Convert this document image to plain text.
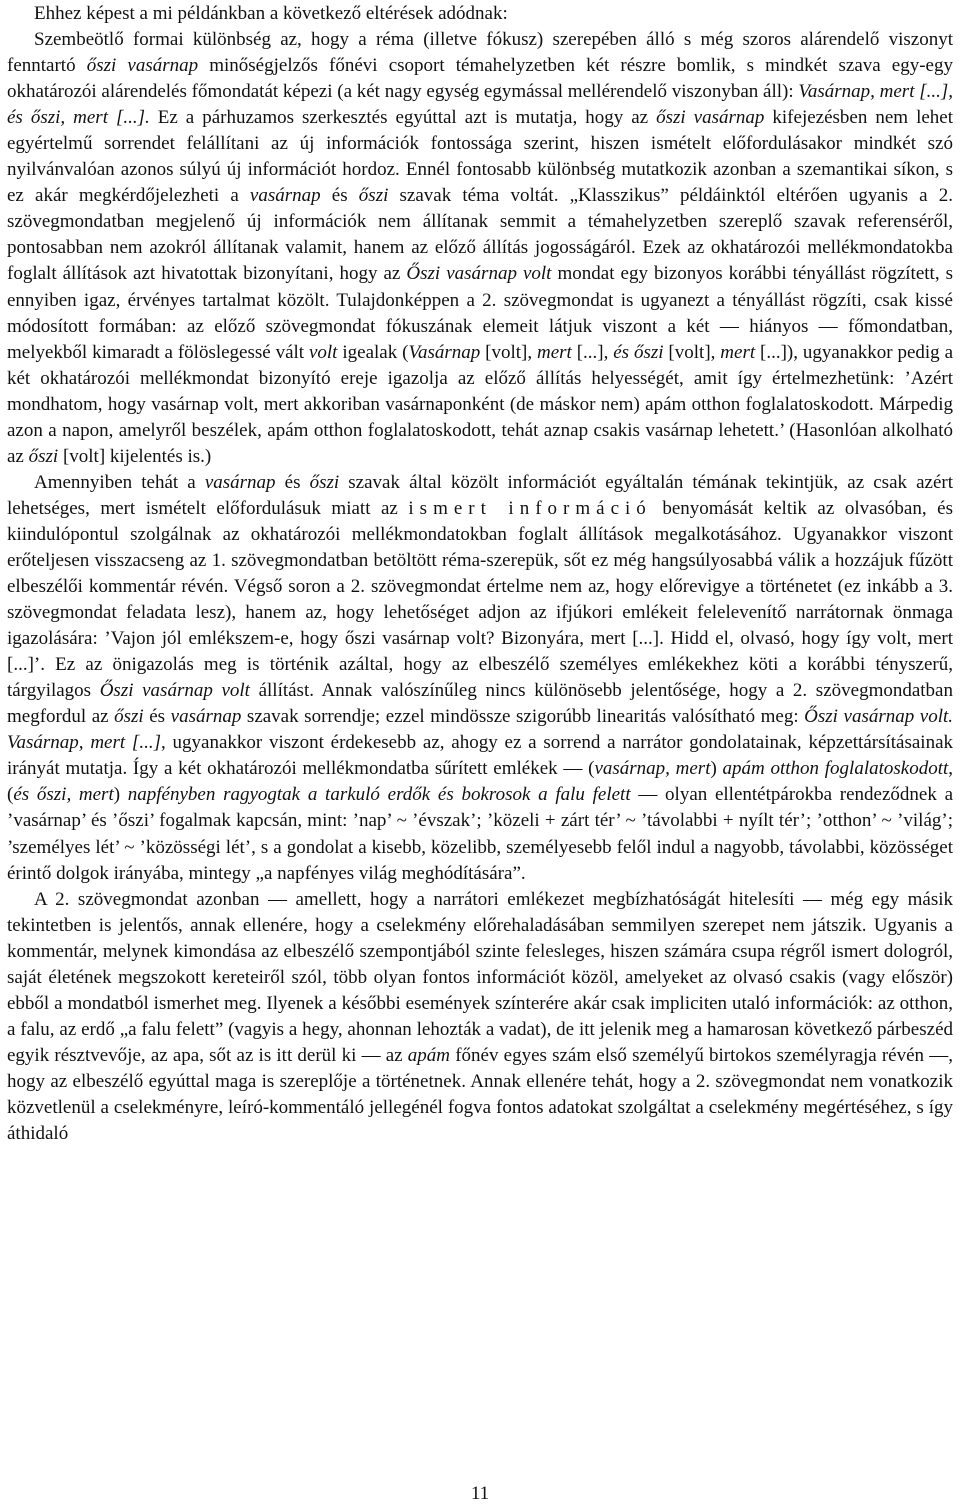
Ehhez képest a mi példánkban a következő eltérések adódnak:

Szembeötlő formai különbség az, hogy a réma (illetve fókusz) szerepében álló s még szoros alárendelő viszonyt fenntartó őszi vasárnap minőségjelzős főnévi csoport témahelyzetben két részre bomlik, s mindkét szava egy-egy okhatározói alárendelés főmondatát képezi (a két nagy egység egymással mellérendelő viszonyban áll): Vasárnap, mert [...], és őszi, mert [...]. Ez a párhuzamos szerkesztés egyúttal azt is mutatja, hogy az őszi vasárnap kifejezésben nem lehet egyértelmű sorrendet felállítani az új információk fontossága szerint, hiszen ismételt előfordulásakor mindkét szó nyilvánvalóan azonos súlyú új információt hordoz. Ennél fontosabb különbség mutatkozik azonban a szemantikai síkon, s ez akár megkérdőjelezheti a vasárnap és őszi szavak téma voltát. „Klasszikus” példáinktól eltérően ugyanis a 2. szövegmondatban megjelenő új információk nem állítanak semmit a témahelyzetben szereplő szavak referenséről, pontosabban nem azokról állítanak valamit, hanem az előző állítás jogosságáról. Ezek az okhatározói mellékmondatokba foglalt állítások azt hivatottak bizonyítani, hogy az Őszi vasárnap volt mondat egy bizonyos korábbi tényállást rögzített, s ennyiben igaz, érvényes tartalmat közölt. Tulajdonképpen a 2. szövegmondat is ugyanezt a tényállást rögzíti, csak kissé módosított formában: az előző szövegmondat fókuszának elemeit látjuk viszont a két — hiányos — főmondatban, melyekből kimaradt a fölöslegessé vált volt igealak (Vasárnap [volt], mert [...], és őszi [volt], mert [...]), ugyanakkor pedig a két okhatározói mellékmondat bizonyító ereje igazolja az előző állítás helyességét, amit így értelmezhetünk: ’Azért mondhatom, hogy vasárnap volt, mert akkoriban vasárnaponként (de máskor nem) apám otthon foglalatoskodott. Márpedig azon a napon, amelyről beszélek, apám otthon foglalatoskodott, tehát aznap csakis vasárnap lehetett.’ (Hasonlóan alkolható az őszi [volt] kijelentés is.)

Amennyiben tehát a vasárnap és őszi szavak által közölt információt egyáltalán témának tekintjük, az csak azért lehetséges, mert ismételt előfordulásuk miatt az ismert információ benyomását keltik az olvasóban, és kiindulópontul szolgálnak az okhatározói mellékmondatokban foglalt állítások megalkotásához. Ugyanakkor viszont erőteljesen visszacseng az 1. szövegmondatban betöltött réma-szerepük, sőt ez még hangsúlyosabbá válik a hozzájuk fűzött elbeszélői kommentár révén. Végső soron a 2. szövegmondat értelme nem az, hogy előrevigye a történetet (ez inkább a 3. szövegmondat feladata lesz), hanem az, hogy lehetőséget adjon az ifjúkori emlékeit felelevenítő narrátornak önmaga igazolására: ’Vajon jól emlékszem-e, hogy őszi vasárnap volt? Bizonyára, mert [...]. Hidd el, olvasó, hogy így volt, mert [...]’. Ez az önigazolás meg is történik azáltal, hogy az elbeszélő személyes emlékekhez köti a korábbi tényszerű, tárgyilagos Őszi vasárnap volt állítást. Annak valószínűleg nincs különösebb jelentősége, hogy a 2. szövegmondatban megfordul az őszi és vasárnap szavak sorrendje; ezzel mindössze szigorúbb linearitás valósítható meg: Őszi vasárnap volt. Vasárnap, mert [...], ugyanakkor viszont érdekesebb az, ahogy ez a sorrend a narrátor gondolatainak, képzettársításainak irányát mutatja. Így a két okhatározói mellékmondatba sűrített emlékek — (vasárnap, mert) apám otthon foglalatoskodott, (és őszi, mert) napfényben ragyogtak a tarkuló erdők és bokrosok a falu felett — olyan ellentétpárokba rendeződnek a ’vasárnap’ és ’őszi’ fogalmak kapcsán, mint: ’nap’ ~ ’évszak’; ’közeli + zárt tér’ ~ ’távolabbi + nyílt tér’; ’otthon’ ~ ’világ’; ’személyes lét’ ~ ’közösségi lét’, s a gondolat a kisebb, közelibb, személyesebb felől indul a nagyobb, távolabbi, közösséget érintő dolgok irányába, mintegy „a napfényes világ meghódítására”.

A 2. szövegmondat azonban — amellett, hogy a narrátori emlékezet megbízhatóságát hitelesíti — még egy másik tekintetben is jelentős, annak ellenére, hogy a cselekmény előrehaladásában semmilyen szerepet nem játszik. Ugyanis a kommentár, melynek kimondása az elbeszélő szempontjából szinte felesleges, hiszen számára csupa régről ismert dologról, saját életének megszokott kereteiről szól, több olyan fontos információt közöl, amelyeket az olvasó csakis (vagy először) ebből a mondatból ismerhet meg. Ilyenek a későbbi események színterére akár csak impliciten utaló információk: az otthon, a falu, az erdő „a falu felett” (vagyis a hegy, ahonnan lehozták a vadat), de itt jelenik meg a hamarosan következő párbeszéd egyik résztvevője, az apa, sőt az is itt derül ki — az apám főnév egyes szám első személyű birtokos személyragja révén —, hogy az elbeszélő egyúttal maga is szereplője a történetnek. Annak ellenére tehát, hogy a 2. szövegmondat nem vonatkozik közvetlenül a cselekményre, leíró-kommentáló jellegénél fogva fontos adatokat szolgáltat a cselekmény megértéséhez, s így áthidaló

11
